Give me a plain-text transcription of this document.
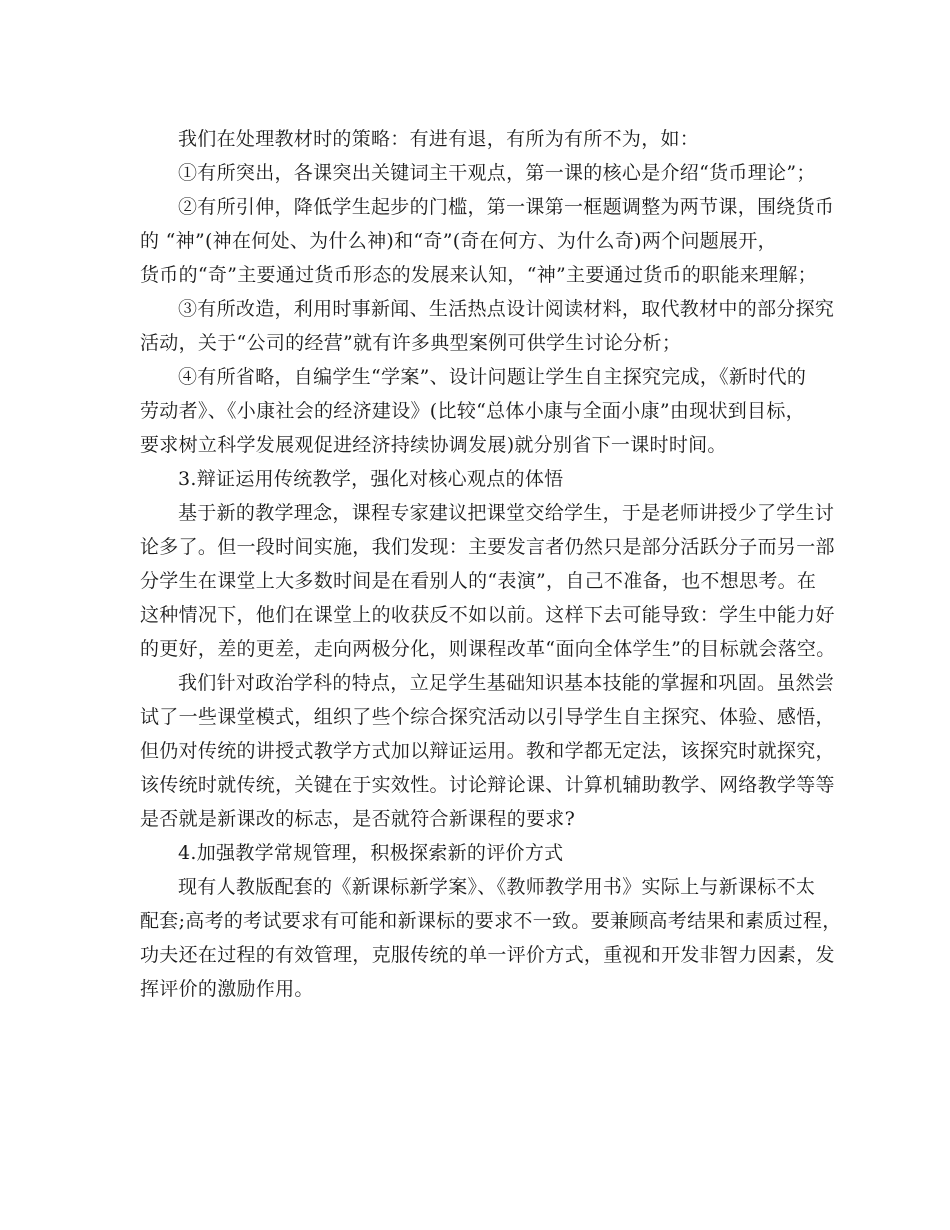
我们在处理教材时的策略：有进有退，有所为有所不为，如：
①有所突出，各课突出关键词主干观点，第一课的核心是介绍“货币理论”；
②有所引伸，降低学生起步的门槛，第一课第一框题调整为两节课，围绕货币
的 “神”(神在何处、为什么神)和“奇”(奇在何方、为什么奇)两个问题展开，
货币的“奇”主要通过货币形态的发展来认知，“神”主要通过货币的职能来理解；
③有所改造，利用时事新闻、生活热点设计阅读材料，取代教材中的部分探究
活动，关于“公司的经营”就有许多典型案例可供学生讨论分析；
④有所省略，自编学生“学案”、设计问题让学生自主探究完成，《新时代的
劳动者》、《小康社会的经济建设》(比较“总体小康与全面小康”由现状到目标，
要求树立科学发展观促进经济持续协调发展)就分别省下一课时时间。
3.辩证运用传统教学，强化对核心观点的体悟
基于新的教学理念，课程专家建议把课堂交给学生，于是老师讲授少了学生讨
论多了。但一段时间实施，我们发现：主要发言者仍然只是部分活跃分子而另一部
分学生在课堂上大多数时间是在看别人的“表演”，自己不准备，也不想思考。在
这种情况下，他们在课堂上的收获反不如以前。这样下去可能导致：学生中能力好
的更好，差的更差，走向两极分化，则课程改革“面向全体学生”的目标就会落空。
我们针对政治学科的特点，立足学生基础知识基本技能的掌握和巩固。虽然尝
试了一些课堂模式，组织了些个综合探究活动以引导学生自主探究、体验、感悟，
但仍对传统的讲授式教学方式加以辩证运用。教和学都无定法，该探究时就探究，
该传统时就传统，关键在于实效性。讨论辩论课、计算机辅助教学、网络教学等等
是否就是新课改的标志，是否就符合新课程的要求?
4.加强教学常规管理，积极探索新的评价方式
现有人教版配套的《新课标新学案》、《教师教学用书》实际上与新课标不太
配套;高考的考试要求有可能和新课标的要求不一致。要兼顾高考结果和素质过程，
功夫还在过程的有效管理，克服传统的单一评价方式，重视和开发非智力因素，发
挥评价的激励作用。
